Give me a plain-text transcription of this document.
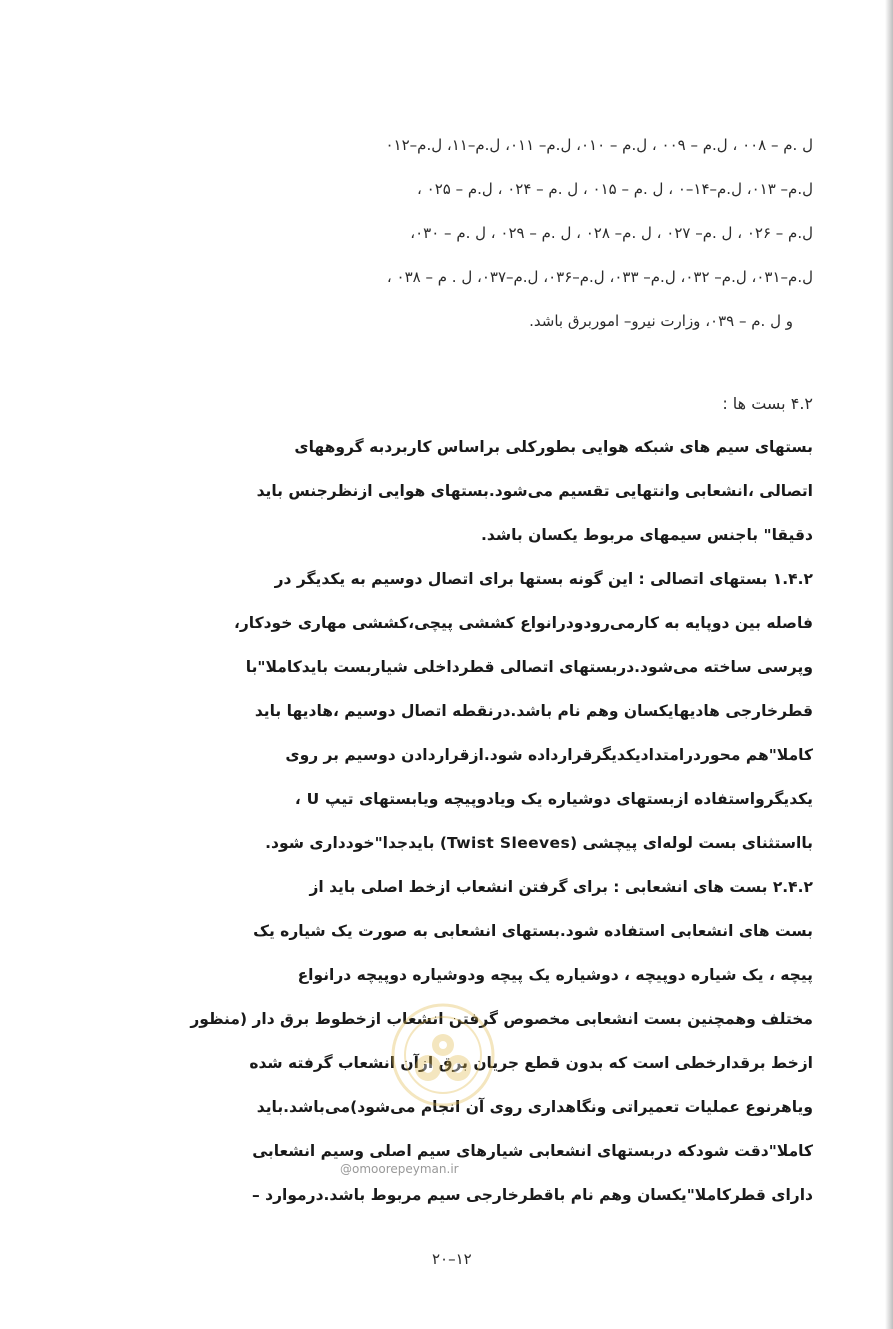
ل .م – ۰۰۸ ، ل.م – ۰۰۹ ، ل.م – ۰۱۰، ل.م– ۰۱۱، ل.م–۱۱، ل.م–۰۱۲
ل.م– ۰۱۳، ل.م–۱۴–۰ ، ل .م – ۰۱۵ ، ل .م – ۰۲۴ ، ل.م – ۰۲۵ ،
ل.م – ۰۲۶ ، ل .م– ۰۲۷ ، ل .م– ۰۲۸ ، ل .م – ۰۲۹ ، ل .م – ۰۳۰،
ل.م–۰۳۱، ل.م– ۰۳۲، ل.م– ۰۳۳، ل.م–۰۳۶، ل.م–۰۳۷، ل . م – ۰۳۸ ،
و ل .م – ۰۳۹، وزارت نیرو– اموربرق باشد.
۴.۲ بست ها :
بستهای سیم های شبکه هوایی بطورکلی براساس کاربردبه گروههای
اتصالی ،انشعابی وانتهایی تقسیم می‌شود.بستهای هوایی ازنظرجنس باید
دقیقا" باجنس سیمهای مربوط یکسان باشد.
۱.۴.۲ بستهای اتصالی : این گونه بستها برای اتصال دوسیم به یکدیگر در
فاصله بین دوپایه به کارمی‌رودودرانواع کششی پیچی،کششی مهاری خودکار،
وپرسی ساخته می‌شود.دربستهای اتصالی قطرداخلی شیاربست بایدکاملا"با
قطرخارجی هادیهایکسان وهم نام باشد.درنقطه اتصال دوسیم ،هادیها باید
کاملا"هم محوردرامتدادیکدیگرقرارداده شود.ازقراردادن دوسیم بر روی
یکدیگرواستفاده ازبستهای دوشیاره یک ویادوپیچه ویابستهای تیپ U ،
بااستثنای بست لوله‌ای پیچشی (Twist Sleeves) بایدجدا"خودداری شود.
۲.۴.۲ بست های انشعابی : برای گرفتن انشعاب ازخط اصلی باید از
بست های انشعابی استفاده شود.بستهای انشعابی به صورت یک شیاره یک
پیچه ، یک شیاره دوپیچه ، دوشیاره یک پیچه ودوشیاره دوپیچه درانواع
مختلف وهمچنین بست انشعابی مخصوص گرفتن انشعاب ازخطوط برق دار (منظور
ازخط برقدارخطی است که بدون قطع جریان برق ازآن انشعاب گرفته شده
ویاهرنوع عملیات تعمیراتی ونگاهداری روی آن انجام می‌شود)می‌باشد.باید
کاملا"دقت شودکه دربستهای انشعابی شیارهای سیم اصلی وسیم انشعابی
دارای قطرکاملا"یکسان وهم نام باقطرخارجی سیم مربوط باشد.درموارد –
@omoorepeyman.ir
۲۰–۱۲
